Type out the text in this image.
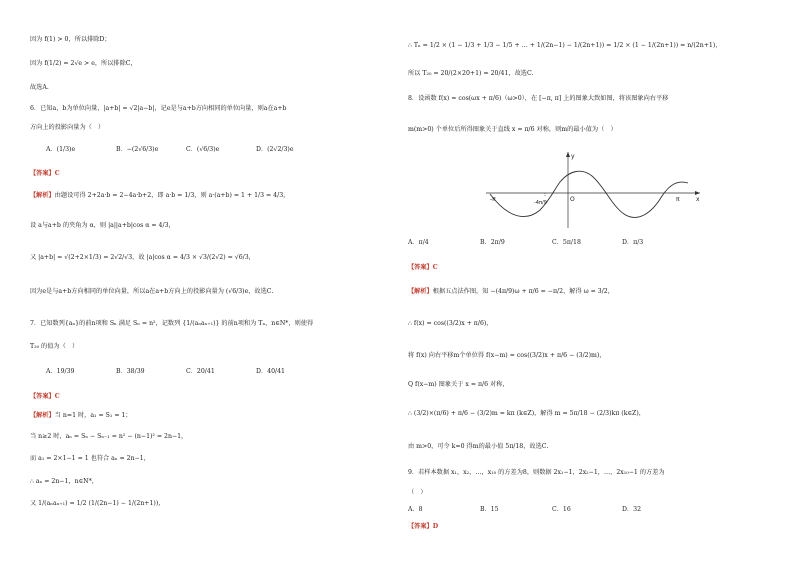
因为 f(1) > 0，所以排除D；
因为 f(1/2) = 2√e > e，所以排除C，
故选A.
6．已知a，b为单位向量，|a+b| = √2|a−b|，记e是与a+b方向相同的单位向量，则a在a+b
方向上的投影向量为（　）
A．(1/3)e	B．−(2√6/3)e	C．(√6/3)e	D．(2√2/3)e
【答案】C
【解析】由题设可得 2+2a·b = 2−4a·b+2，即 a·b = 1/3，则 a·(a+b) = 1 + 1/3 = 4/3，
设 a与a+b 的夹角为 α，则 |a||a+b|cos α = 4/3，
又 |a+b| = √(2+2×1/3) = 2√2/√3，故 |a|cos α = 4/3 × √3/(2√2) = √6/3，
因为e是与a+b方向相同的单位向量，所以a在a+b方向上的投影向量为 (√6/3)e，故选C.
7．已知数列{aₙ}的前n项和 Sₙ 满足 Sₙ = n²，记数列 {1/(aₙaₙ₊₁)} 的前n项和为 Tₙ，n∈N*，则使得
T₂₀ 的值为（　）
A．19/39	B．38/39	C．20/41	D．40/41
【答案】C
【解析】当 n=1 时，a₁ = S₁ = 1；
当 n≥2 时，aₙ = Sₙ − Sₙ₋₁ = n² − (n−1)² = 2n−1，
而 a₁ = 2×1−1 = 1 也符合 aₙ = 2n−1，
∴ aₙ = 2n−1，n∈N*，
又 1/(aₙaₙ₊₁) = 1/2 (1/(2n−1) − 1/(2n+1))，
∴ Tₙ = 1/2 × (1 − 1/3 + 1/3 − 1/5 + … + 1/(2n−1) − 1/(2n+1)) = 1/2 × (1 − 1/(2n+1)) = n/(2n+1)，
所以 T₂₀ = 20/(2×20+1) = 20/41，故选C.
8．设函数 f(x) = cos(ωx + π/6)（ω>0），在 [−π, π] 上的图象大致如图，将该图象向右平移
m(m>0) 个单位后所得图象关于直线 x = π/6 对称，则m的最小值为（　）
-π	π	x
y
O
-4π/9
A．π/4	B．2π/9	C．5π/18	D．π/3
【答案】C
【解析】根据五点法作图，知 −(4π/9)ω + π/6 = −π/2，解得 ω = 3/2，
∴ f(x) = cos((3/2)x + π/6)，
将 f(x) 向右平移m个单位得 f(x−m) = cos((3/2)x + π/6 − (3/2)m)，
Q f(x−m) 图象关于 x = π/6 对称，
∴ (3/2)×(π/6) + π/6 − (3/2)m = kπ (k∈Z)，解得 m = 5π/18 − (2/3)kπ (k∈Z)，
由 m>0，可令 k=0 得m的最小值 5π/18，故选C.
9．若样本数据 x₁，x₂，…，x₁₀ 的方差为8，则数据 2x₁−1，2x₂−1，…，2x₁₀−1 的方差为
（　）
A．8	B．15	C．16	D．32
【答案】D
